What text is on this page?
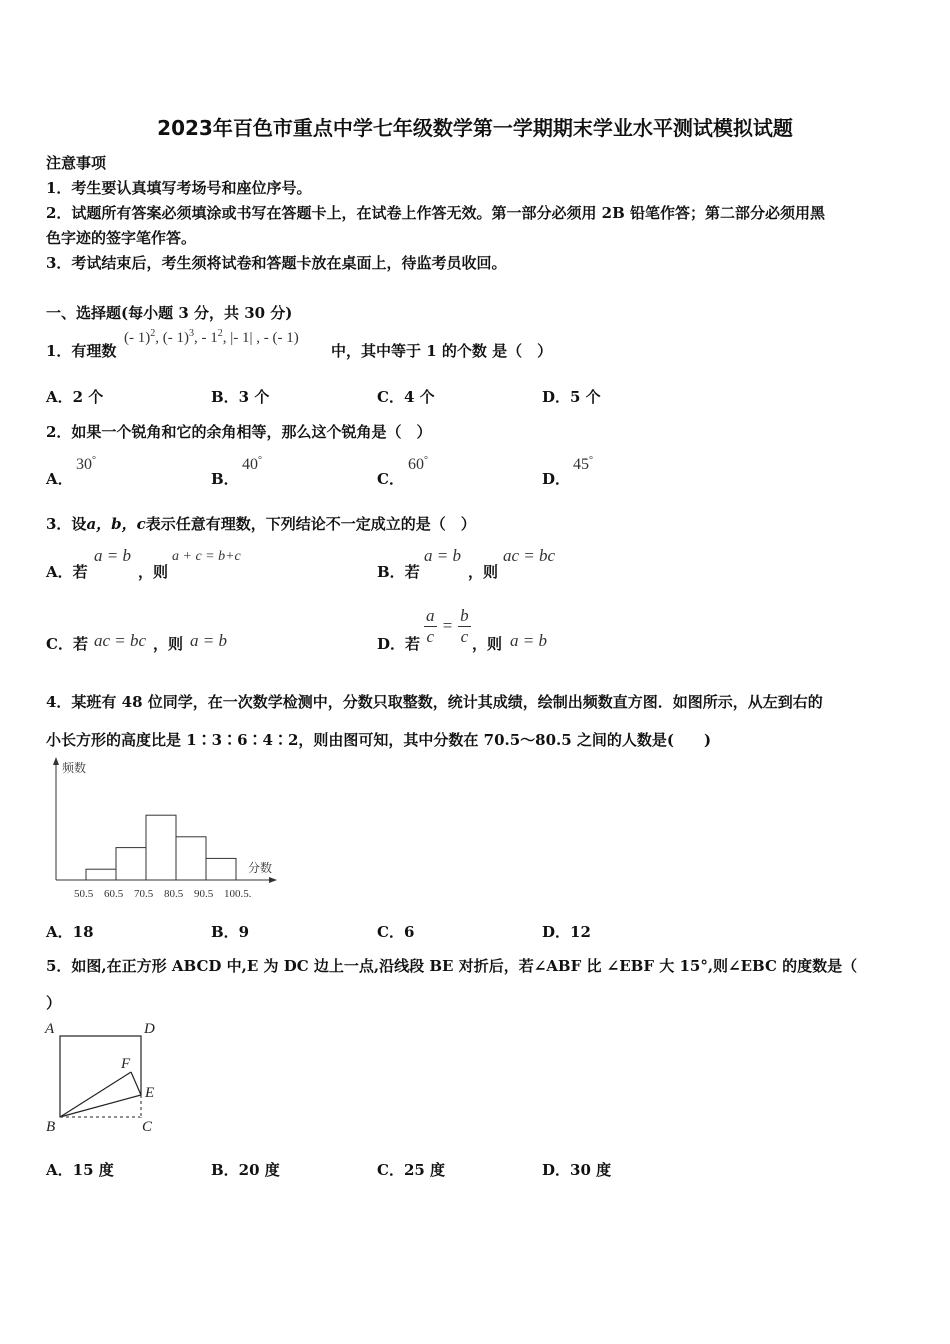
2023年百色市重点中学七年级数学第一学期期末学业水平测试模拟试题
注意事项
1．考生要认真填写考场号和座位序号。
2．试题所有答案必须填涂或书写在答题卡上，在试卷上作答无效。第一部分必须用 2B 铅笔作答；第二部分必须用黑
色字迹的签字笔作答。
3．考试结束后，考生须将试卷和答题卡放在桌面上，待监考员收回。
一、选择题(每小题 3 分，共 30 分)
1．有理数
(- 1)$^2$, (- 1)$^3$, - $1^2$, |- 1| , - (- 1)
中，其中等于 1 的个数 是（　）
A．2 个	B．3 个	C．4 个	D．5 个
2．如果一个锐角和它的余角相等，那么这个锐角是（　）
A．
30°
B．
40°
C．
60°
D．
45°
3．设a，b，c表示任意有理数，下列结论不一定成立的是（　）
A．若
a = b
，则
a + c = b+c
B．若
a = b
，则
ac = bc
C．若 ac = bc ，则 a = b	D．若 $\frac{a}{c} = \frac{b}{c}$ ，则 a = b
4．某班有 48 位同学，在一次数学检测中，分数只取整数，统计其成绩，绘制出频数直方图．如图所示，从左到右的
小长方形的高度比是 1∶3∶6∶4∶2，则由图可知，其中分数在 70.5～80.5 之间的人数是(　　)
频数
分数
50.5 60.5 70.5 80.5 90.5 100.5.
A．18	B．9	C．6	D．12
5．如图,在正方形 ABCD 中,E 为 DC 边上一点,沿线段 BE 对折后，若∠ABF 比 ∠EBF 大 15°,则∠EBC 的度数是（
）
A	D
F
E
B	C
A．15 度	B．20 度	C．25 度	D．30 度
